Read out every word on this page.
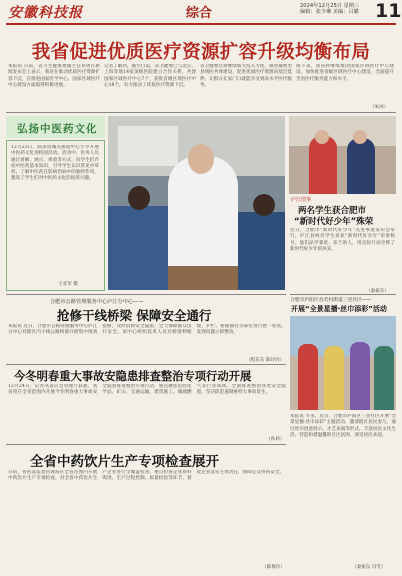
安徽科技报	综合	2024年12月25日 星期三
编辑：张少琳 美编：吕璐 11
我省促进优质医疗资源扩容升级均衡布局
本报讯 日前，省卫生健康委副主任邓勇在新闻发布会上表示，我省在推动优质医疗资源扩容下沉，在推进国家医学中心、国家区域医疗中心建设方面取得积极进展。
记者了解到，截至目前，省卫健委已与北京、上海等地14家顶级医院建立合作关系，共建国家区域医疗中心7个，获批省级区域医疗中心18个，有力推动了优质医疗资源下沉。
省卫健委还将继续加大投入力度，推进紧密型县域医共体建设，促进优质医疗资源向基层延伸，让群众在家门口就能享受到高水平医疗服务。
接下来，我省将继续推动国家区域医疗中心建设，加快推进省级区域医疗中心建设，全面提升全省医疗服务能力和水平。
（朱冰）
弘扬中医药文化
12月23日，临泉县城关街道中心小学开展中医药文化进校园活动。活动中，医务人员通过讲解、展示、体验等方式，向学生们介绍中医药基本知识，引导学生认识常见中草药，了解中医药在防病治病中的独特作用，激发了学生们对中医药文化的浓厚兴趣。
王亚军 摄
庐江图事
两名学生获合肥市
“新时代好少年”殊荣
近日，合肥市“新时代好少年”先进事迹发布会举行，庐江县两名学生喜获“新时代好少年”荣誉称号。他们品学兼优、乐于助人，用实际行动诠释了新时代好少年的风采。
（秦振东）
合肥市公路管理服务中心庐江分中心——
抢修干线桥梁 保障安全通行
本报讯 近日，合肥市公路管理服务中心庐江分中心对辖区内干线公路桥梁开展集中排查抢修，及时消除安全隐患，全力保障群众出行安全。该中心组织技术人员对桥梁伸缩缝、护栏、桥面铺装等部位进行逐一检查，发现问题立即整改。
（程东东 陈玲玲）
今冬明春重大事故安隐患排查整治专项行动开展
12月24日，记者从省应急管理厅获悉，我省将在全省范围内开展今冬明春重大事故安全隐患排查整治专项行动，重点聚焦危险化学品、矿山、交通运输、建筑施工、城镇燃气等行业领域，全面排查整治各类安全隐患，坚决防范遏制重特大事故发生。
（孙莉）
全省中药饮片生产专项检查展开
日前，省药品监督管理局在全省范围内开展中药饮片生产专项检查，对全省中药饮片生产企业进行全覆盖检查，重点检查企业原料购进、生产过程控制、质量检验等环节，督促企业落实主体责任，保障公众用药安全。
（陈俊玲）
合肥市庐阳区吞若村街道三里社区——
开展“全景星播·丝巾添彩”活动
本报讯 冬来，近日，合肥市庐阳区三里社区开展“全景星播·丝巾添彩”主题活动，邀请辖区居民参与，通过丝巾创意展示、才艺表演等形式，丰富居民文化生活，营造和谐温馨的社区氛围，深受居民欢迎。
（秦振东 闫雪）
